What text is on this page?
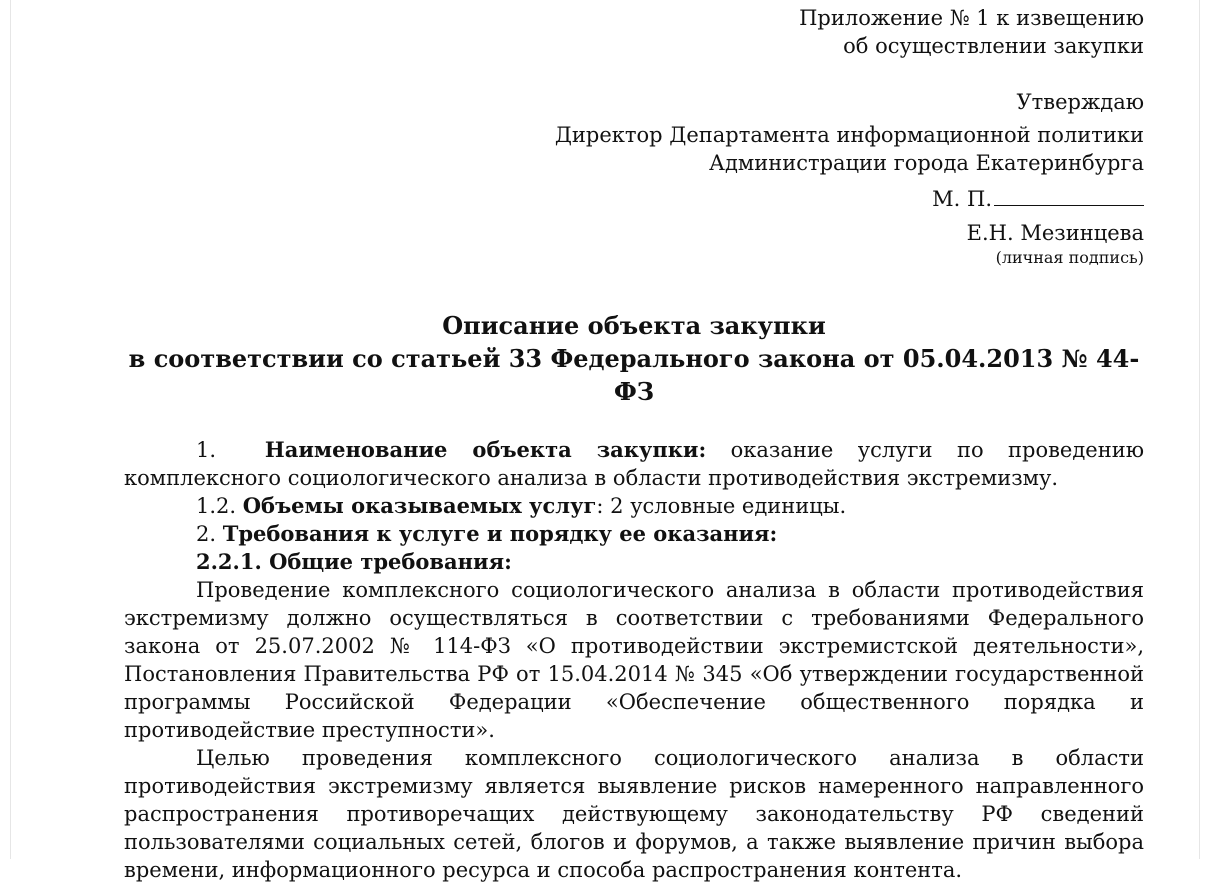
Приложение № 1 к извещению
об осуществлении закупки
Утверждаю
Директор Департамента информационной политики
Администрации города Екатеринбурга
М. П.
Е.Н. Мезинцева
(личная подпись)
Описание объекта закупки
в соответствии со статьей 33 Федерального закона от 05.04.2013 № 44-ФЗ

1. Наименование объекта закупки: оказание услуги по проведению комплексного социологического анализа в области противодействия экстремизму.

1.2. Объемы оказываемых услуг: 2 условные единицы.

2. Требования к услуге и порядку ее оказания:

2.2.1. Общие требования:

Проведение комплексного социологического анализа в области противодействия экстремизму должно осуществляться в соответствии с требованиями Федерального закона от 25.07.2002 № 114-ФЗ «О противодействии экстремистской деятельности», Постановления Правительства РФ от 15.04.2014 № 345 «Об утверждении государственной программы Российской Федерации «Обеспечение общественного порядка и противодействие преступности».

Целью проведения комплексного социологического анализа в области противодействия экстремизму является выявление рисков намеренного направленного распространения противоречащих действующему законодательству РФ сведений пользователями социальных сетей, блогов и форумов, а также выявление причин выбора времени, информационного ресурса и способа распространения контента.
